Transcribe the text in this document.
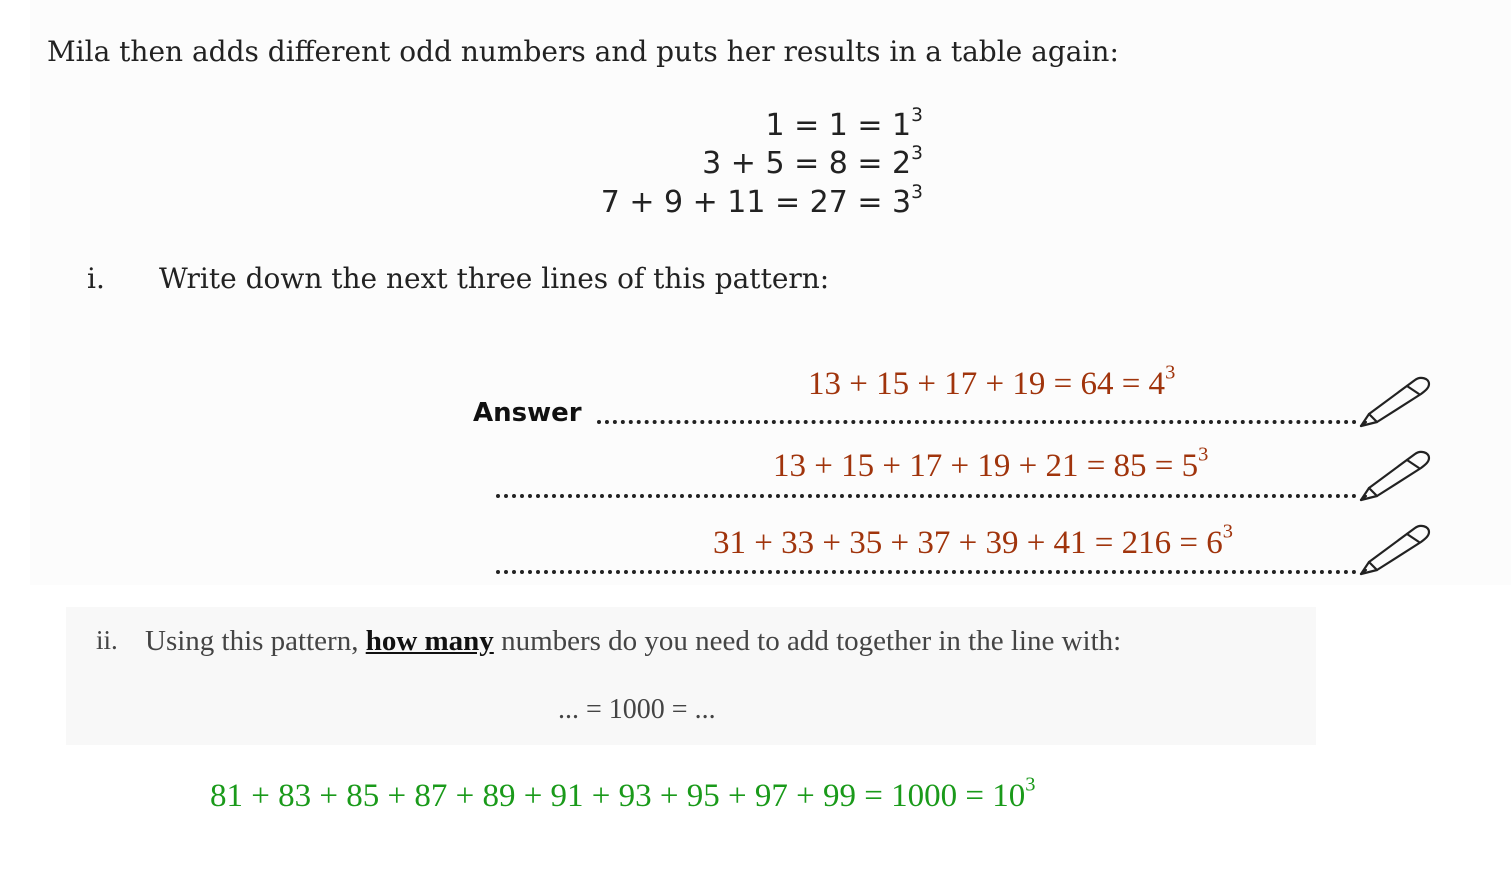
Mila then adds different odd numbers and puts her results in a table again:
$1 = 1 = 1^3$
$3 + 5 = 8 = 2^3$
$7 + 9 + 11 = 27 = 3^3$
i. Write down the next three lines of this pattern:
Answer
$13 + 15 + 17 + 19 = 64 = 4^3$
$13 + 15 + 17 + 19 + 21 = 85 = 5^3$
$31 + 33 + 35 + 37 + 39 + 41 = 216 = 6^3$
ii. Using this pattern, how many numbers do you need to add together in the line with:
... = 1000 = ...
$81 + 83 + 85 + 87 + 89 + 91 + 93 + 95 + 97 + 99 = 1000 = 10^3$
